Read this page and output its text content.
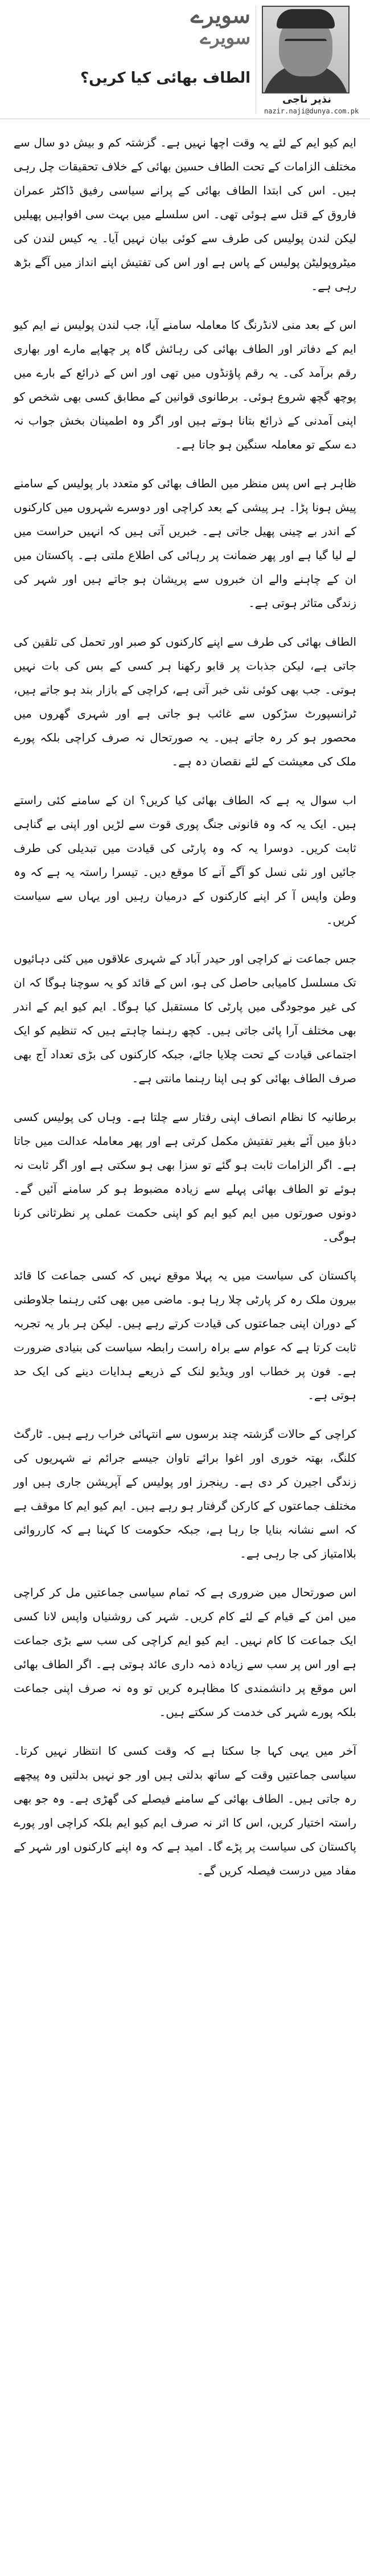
سویرے
سویرے
الطاف بھائی کیا کریں؟
نذیر ناجی
nazir.naji@dunya.com.pk

ایم کیو ایم کے لئے یہ وقت اچھا نہیں ہے۔ گزشتہ کم و بیش دو سال سے مختلف الزامات کے تحت الطاف حسین بھائی کے خلاف تحقیقات چل رہی ہیں۔ اس کی ابتدا الطاف بھائی کے پرانے سیاسی رفیق ڈاکٹر عمران فاروق کے قتل سے ہوئی تھی۔ اس سلسلے میں بہت سی افواہیں پھیلیں لیکن لندن پولیس کی طرف سے کوئی بیان نہیں آیا۔ یہ کیس لندن کی میٹروپولیٹن پولیس کے پاس ہے اور اس کی تفتیش اپنے انداز میں آگے بڑھ رہی ہے۔

اس کے بعد منی لانڈرنگ کا معاملہ سامنے آیا، جب لندن پولیس نے ایم کیو ایم کے دفاتر اور الطاف بھائی کی رہائش گاہ پر چھاپے مارے اور بھاری رقم برآمد کی۔ یہ رقم پاؤنڈوں میں تھی اور اس کے ذرائع کے بارے میں پوچھ گچھ شروع ہوئی۔ برطانوی قوانین کے مطابق کسی بھی شخص کو اپنی آمدنی کے ذرائع بتانا ہوتے ہیں اور اگر وہ اطمینان بخش جواب نہ دے سکے تو معاملہ سنگین ہو جاتا ہے۔

ظاہر ہے اس پس منظر میں الطاف بھائی کو متعدد بار پولیس کے سامنے پیش ہونا پڑا۔ ہر پیشی کے بعد کراچی اور دوسرے شہروں میں کارکنوں کے اندر بے چینی پھیل جاتی ہے۔ خبریں آتی ہیں کہ انہیں حراست میں لے لیا گیا ہے اور پھر ضمانت پر رہائی کی اطلاع ملتی ہے۔ پاکستان میں ان کے چاہنے والے ان خبروں سے پریشان ہو جاتے ہیں اور شہر کی زندگی متاثر ہوتی ہے۔

الطاف بھائی کی طرف سے اپنے کارکنوں کو صبر اور تحمل کی تلقین کی جاتی ہے، لیکن جذبات پر قابو رکھنا ہر کسی کے بس کی بات نہیں ہوتی۔ جب بھی کوئی نئی خبر آتی ہے، کراچی کے بازار بند ہو جاتے ہیں، ٹرانسپورٹ سڑکوں سے غائب ہو جاتی ہے اور شہری گھروں میں محصور ہو کر رہ جاتے ہیں۔ یہ صورتحال نہ صرف کراچی بلکہ پورے ملک کی معیشت کے لئے نقصان دہ ہے۔

اب سوال یہ ہے کہ الطاف بھائی کیا کریں؟ ان کے سامنے کئی راستے ہیں۔ ایک یہ کہ وہ قانونی جنگ پوری قوت سے لڑیں اور اپنی بے گناہی ثابت کریں۔ دوسرا یہ کہ وہ پارٹی کی قیادت میں تبدیلی کی طرف جائیں اور نئی نسل کو آگے آنے کا موقع دیں۔ تیسرا راستہ یہ ہے کہ وہ وطن واپس آ کر اپنے کارکنوں کے درمیان رہیں اور یہاں سے سیاست کریں۔

جس جماعت نے کراچی اور حیدر آباد کے شہری علاقوں میں کئی دہائیوں تک مسلسل کامیابی حاصل کی ہو، اس کے قائد کو یہ سوچنا ہوگا کہ ان کی غیر موجودگی میں پارٹی کا مستقبل کیا ہوگا۔ ایم کیو ایم کے اندر بھی مختلف آرا پائی جاتی ہیں۔ کچھ رہنما چاہتے ہیں کہ تنظیم کو ایک اجتماعی قیادت کے تحت چلایا جائے، جبکہ کارکنوں کی بڑی تعداد آج بھی صرف الطاف بھائی کو ہی اپنا رہنما مانتی ہے۔

برطانیہ کا نظام انصاف اپنی رفتار سے چلتا ہے۔ وہاں کی پولیس کسی دباؤ میں آئے بغیر تفتیش مکمل کرتی ہے اور پھر معاملہ عدالت میں جاتا ہے۔ اگر الزامات ثابت ہو گئے تو سزا بھی ہو سکتی ہے اور اگر ثابت نہ ہوئے تو الطاف بھائی پہلے سے زیادہ مضبوط ہو کر سامنے آئیں گے۔ دونوں صورتوں میں ایم کیو ایم کو اپنی حکمت عملی پر نظرثانی کرنا ہوگی۔

پاکستان کی سیاست میں یہ پہلا موقع نہیں کہ کسی جماعت کا قائد بیرون ملک رہ کر پارٹی چلا رہا ہو۔ ماضی میں بھی کئی رہنما جلاوطنی کے دوران اپنی جماعتوں کی قیادت کرتے رہے ہیں۔ لیکن ہر بار یہ تجربہ ثابت کرتا ہے کہ عوام سے براہ راست رابطہ سیاست کی بنیادی ضرورت ہے۔ فون پر خطاب اور ویڈیو لنک کے ذریعے ہدایات دینے کی ایک حد ہوتی ہے۔

کراچی کے حالات گزشتہ چند برسوں سے انتہائی خراب رہے ہیں۔ ٹارگٹ کلنگ، بھتہ خوری اور اغوا برائے تاوان جیسے جرائم نے شہریوں کی زندگی اجیرن کر دی ہے۔ رینجرز اور پولیس کے آپریشن جاری ہیں اور مختلف جماعتوں کے کارکن گرفتار ہو رہے ہیں۔ ایم کیو ایم کا موقف ہے کہ اسے نشانہ بنایا جا رہا ہے، جبکہ حکومت کا کہنا ہے کہ کارروائی بلاامتیاز کی جا رہی ہے۔

اس صورتحال میں ضروری ہے کہ تمام سیاسی جماعتیں مل کر کراچی میں امن کے قیام کے لئے کام کریں۔ شہر کی روشنیاں واپس لانا کسی ایک جماعت کا کام نہیں۔ ایم کیو ایم کراچی کی سب سے بڑی جماعت ہے اور اس پر سب سے زیادہ ذمہ داری عائد ہوتی ہے۔ اگر الطاف بھائی اس موقع پر دانشمندی کا مظاہرہ کریں تو وہ نہ صرف اپنی جماعت بلکہ پورے شہر کی خدمت کر سکتے ہیں۔

آخر میں یہی کہا جا سکتا ہے کہ وقت کسی کا انتظار نہیں کرتا۔ سیاسی جماعتیں وقت کے ساتھ بدلتی ہیں اور جو نہیں بدلتیں وہ پیچھے رہ جاتی ہیں۔ الطاف بھائی کے سامنے فیصلے کی گھڑی ہے۔ وہ جو بھی راستہ اختیار کریں، اس کا اثر نہ صرف ایم کیو ایم بلکہ کراچی اور پورے پاکستان کی سیاست پر پڑے گا۔ امید ہے کہ وہ اپنے کارکنوں اور شہر کے مفاد میں درست فیصلہ کریں گے۔
